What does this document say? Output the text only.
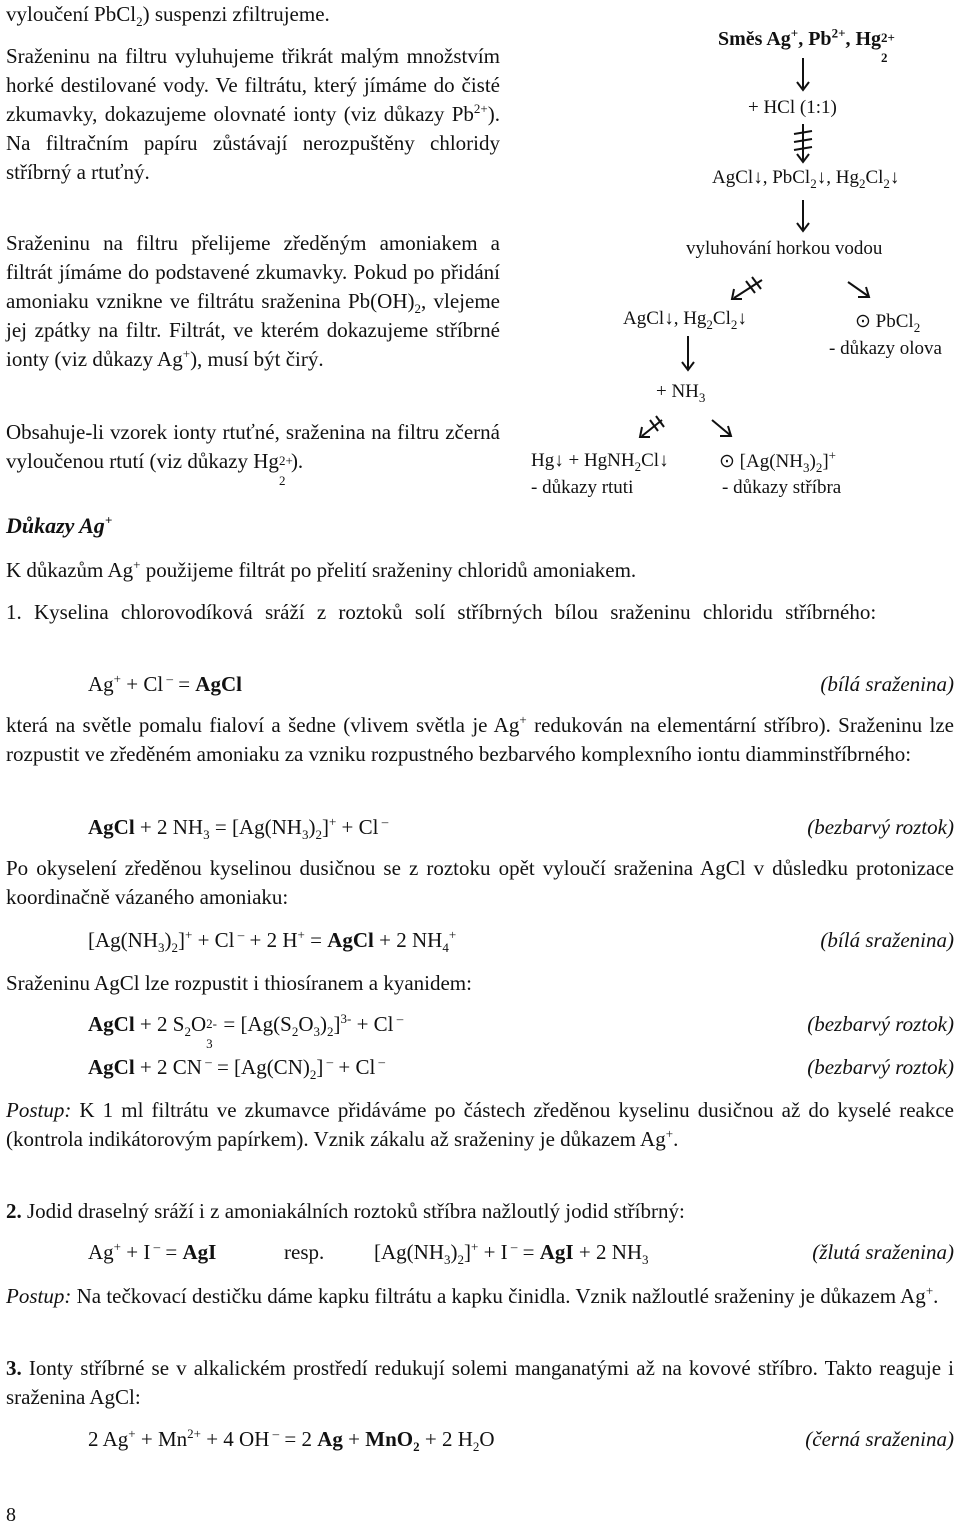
vyloučení PbCl$_2$) suspenzi zfiltrujeme.
Sraženinu na filtru vyluhujeme třikrát malým množstvím horké destilované vody. Ve filtrátu, který jímáme do čisté zkumavky, dokazujeme olovnaté ionty (viz důkazy $Pb^{2+}$). Na filtračním papíru zůstávají nerozpuštěny chloridy stříbrný a rtuťný.
Sraženinu na filtru přelijeme zředěným amoniakem a filtrát jímáme do podstavené zkumavky. Pokud po přidání amoniaku vznikne ve filtrátu sraženina $Pb(OH)_2$, vlejeme jej zpátky na filtr. Filtrát, ve kterém dokazujeme stříbrné ionty (viz důkazy Ag+), musí být čirý.
Obsahuje-li vzorek ionty rtuťné, sraženina na filtru zčerná vyloučenou rtutí (viz důkazy Hg 2+
2
).
Směs Ag+, $Pb^{2+}$, Hg 2+
2
+ HCl (1:1)
AgCl↓, PbCl$_2$↓, $Hg_2Cl_2↓$
vyluhování horkou vodou
AgCl↓, $Hg_2Cl_2↓$	⊙ PbCl$_2$
- důkazy olova
+ $NH_3$
Hg↓ + HgNH$_2$Cl↓
- důkazy rtuti
⊙ $[Ag(NH_3)_2]^+$
- důkazy stříbra
Důkazy Ag+
K důkazům Ag+ použijeme filtrát po přelití sraženiny chloridů amoniakem.
1. Kyselina chlorovodíková sráží z roztoků solí stříbrných bílou sraženinu chloridu stříbrného:
Ag+ + Cl – = AgCl	(bílá sraženina)
která na světle pomalu fialoví a šedne (vlivem světla je Ag+ redukován na elementární stříbro). Sraženinu lze rozpustit ve zředěném amoniaku za vzniku rozpustného bezbarvého komplexního iontu diamminstříbrného:
AgCl + 2 $NH_3 = [Ag(NH_3)_2]^+ + Cl$ –	(bezbarvý roztok)
Po okyselení zředěnou kyselinou dusičnou se z roztoku opět vyloučí sraženina AgCl v důsledku protonizace koordinačně vázaného amoniaku:
$[Ag(NH_3)_2]^+ + Cl$ – + 2 H+ = AgCl + 2 $NH_4^+$	(bílá sraženina)
Sraženinu AgCl lze rozpustit i thiosíranem a kyanidem:
AgCl + 2 $S_2O$ 2-
3
= $[Ag(S_2O_3)_2]^{3-} + Cl$ –	(bezbarvý roztok)
AgCl + 2 CN $^- = [Ag(CN)_2] ^- + Cl$ –	(bezbarvý roztok)
Postup: K 1 ml filtrátu ve zkumavce přidáváme po částech zředěnou kyselinu dusičnou až do kyselé reakce (kontrola indikátorovým papírkem). Vznik zákalu až sraženiny je důkazem Ag+.
2. Jodid draselný sráží i z amoniakálních roztoků stříbra nažloutlý jodid stříbrný:
Ag+ + I – = AgI	resp. $[Ag(NH_3)_2]^+ + I$ – = AgI + 2 $NH_3$	(žlutá sraženina)
Postup: Na tečkovací destičku dáme kapku filtrátu a kapku činidla. Vznik nažloutlé sraženiny je důkazem Ag+.
3. Ionty stříbrné se v alkalickém prostředí redukují solemi manganatými až na kovové stříbro. Takto reaguje i sraženina AgCl:
2 $Ag^+ + Mn^{2+} + 4$ OH – = 2 Ag + MnO$_2$ + 2 $H_2O$	(černá sraženina)
8
